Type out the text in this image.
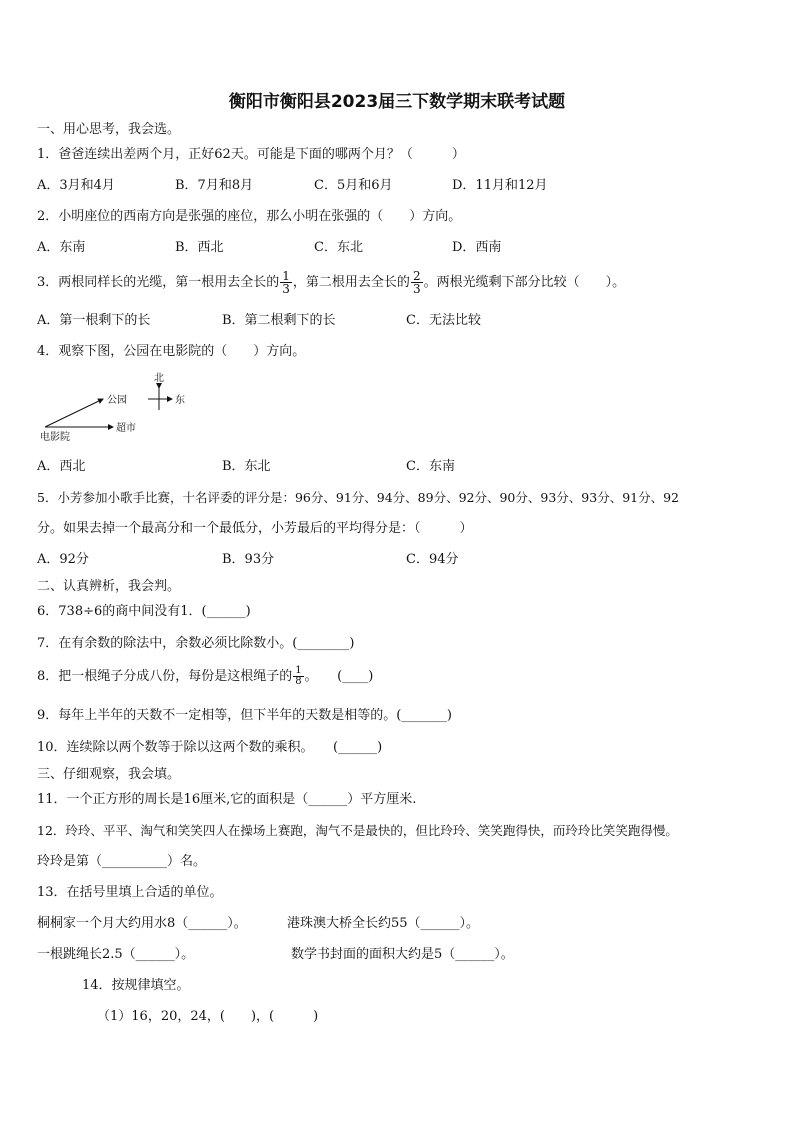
衡阳市衡阳县2023届三下数学期末联考试题
一、用心思考，我会选。
1．爸爸连续出差两个月，正好62天。可能是下面的哪两个月？（　　　）
A．3月和4月	B．7月和8月	C．5月和6月	D．11月和12月
2．小明座位的西南方向是张强的座位，那么小明在张强的（　　）方向。
A．东南	B．西北	C．东北	D．西南
3．两根同样长的光缆，第一根用去全长的 $\frac{1}{3}$ ，第二根用去全长的 $\frac{2}{3}$ 。两根光缆剩下部分比较（　　）。
A．第一根剩下的长	B．第二根剩下的长	C．无法比较
4．观察下图，公园在电影院的（　　）方向。
北
东
公园
超市
电影院
A．西北	B．东北	C．东南
5．小芳参加小歌手比赛，十名评委的评分是：96分、91分、94分、89分、92分、90分、93分、93分、91分、92
分。如果去掉一个最高分和一个最低分，小芳最后的平均得分是：（　　　）
A．92分	B．93分	C．94分
二、认真辨析，我会判。
6．738÷6的商中间没有1．(______)
7．在有余数的除法中，余数必须比除数小。(________)
8．把一根绳子分成八份，每份是这根绳子的 $\frac{1}{8}$ 。　　(____)
9．每年上半年的天数不一定相等，但下半年的天数是相等的。(_______)
10．连续除以两个数等于除以这两个数的乘积。　　(______)
三、仔细观察，我会填。
11．一个正方形的周长是16厘米,它的面积是（______）平方厘米.
12．玲玲、平平、淘气和笑笑四人在操场上赛跑，淘气不是最快的，但比玲玲、笑笑跑得快，而玲玲比笑笑跑得慢。
玲玲是第（__________）名。
13．在括号里填上合适的单位。
桐桐家一个月大约用水8（______）。	港珠澳大桥全长约55（______）。
一根跳绳长2.5（______）。	数学书封面的面积大约是5（______）。
14．按规律填空。
（1）16，20，24，(　　)，(　　　)
